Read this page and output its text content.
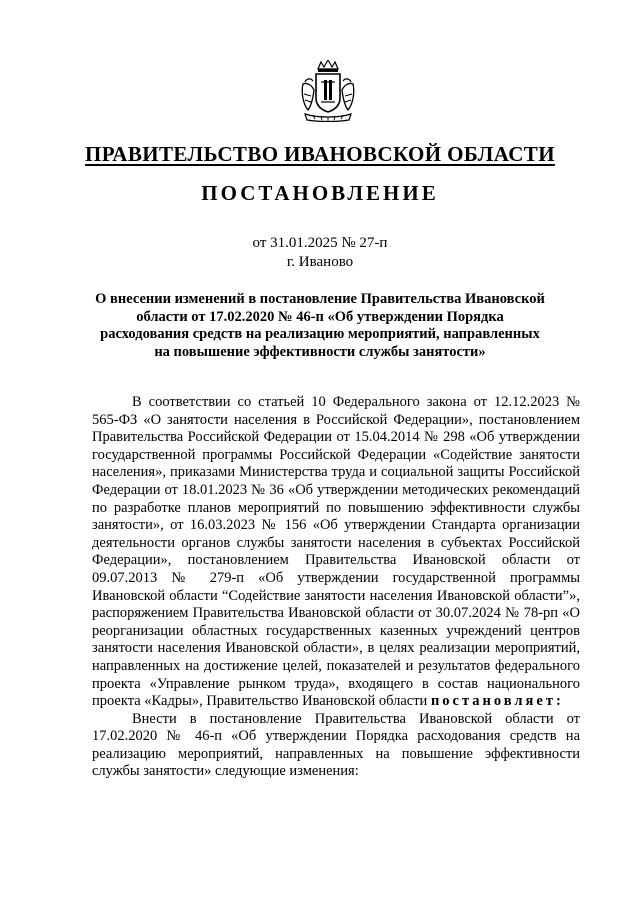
ПРАВИТЕЛЬСТВО ИВАНОВСКОЙ ОБЛАСТИ
ПОСТАНОВЛЕНИЕ
от 31.01.2025 № 27-п
г. Иваново
О внесении изменений в постановление Правительства Ивановской области от 17.02.2020 № 46-п «Об утверждении Порядка расходования средств на реализацию мероприятий, направленных на повышение эффективности службы занятости»

В соответствии со статьей 10 Федерального закона от 12.12.2023 № 565-ФЗ «О занятости населения в Российской Федерации», постановлением Правительства Российской Федерации от 15.04.2014 № 298 «Об утверждении государственной программы Российской Федерации «Содействие занятости населения», приказами Министерства труда и социальной защиты Российской Федерации от 18.01.2023 № 36 «Об утверждении методических рекомендаций по разработке планов мероприятий по повышению эффективности службы занятости», от 16.03.2023 № 156 «Об утверждении Стандарта организации деятельности органов службы занятости населения в субъектах Российской Федерации», постановлением Правительства Ивановской области от 09.07.2013 № 279-п «Об утверждении государственной программы Ивановской области “Содействие занятости населения Ивановской области”», распоряжением Правительства Ивановской области от 30.07.2024 № 78-рп «О реорганизации областных государственных казенных учреждений центров занятости населения Ивановской области», в целях реализации мероприятий, направленных на достижение целей, показателей и результатов федерального проекта «Управление рынком труда», входящего в состав национального проекта «Кадры», Правительство Ивановской области постановляет:

Внести в постановление Правительства Ивановской области от 17.02.2020 № 46-п «Об утверждении Порядка расходования средств на реализацию мероприятий, направленных на повышение эффективности службы занятости» следующие изменения:
